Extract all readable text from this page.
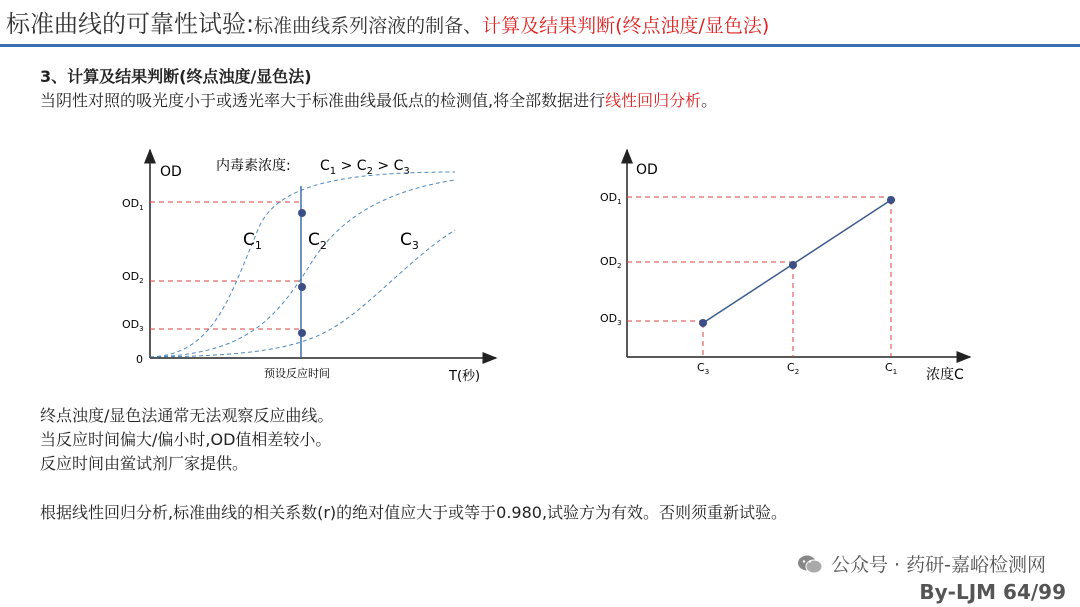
标准曲线的可靠性试验:标准曲线系列溶液的制备、计算及结果判断(终点浊度/显色法)
3、计算及结果判断(终点浊度/显色法)
当阴性对照的吸光度小于或透光率大于标准曲线最低点的检测值,将全部数据进行线性回归分析。
OD 内毒素浓度: $C_1 > C_2 > C_3$
$OD_1$
$OD_2$
$OD_3$
0
$C_1$	$C_2$	$C_3$
预设反应时间	T(秒)
OD
$OD_1$
$OD_2$
$OD_3$
$C_3$	$C_2$	$C_1$ 浓度C
终点浊度/显色法通常无法观察反应曲线。
当反应时间偏大/偏小时,OD值相差较小。
反应时间由鲎试剂厂家提供。
根据线性回归分析,标准曲线的相关系数(r)的绝对值应大于或等于0.980,试验方为有效。否则须重新试验。
公众号 · 药研-嘉峪检测网
By-LJM 64/99
